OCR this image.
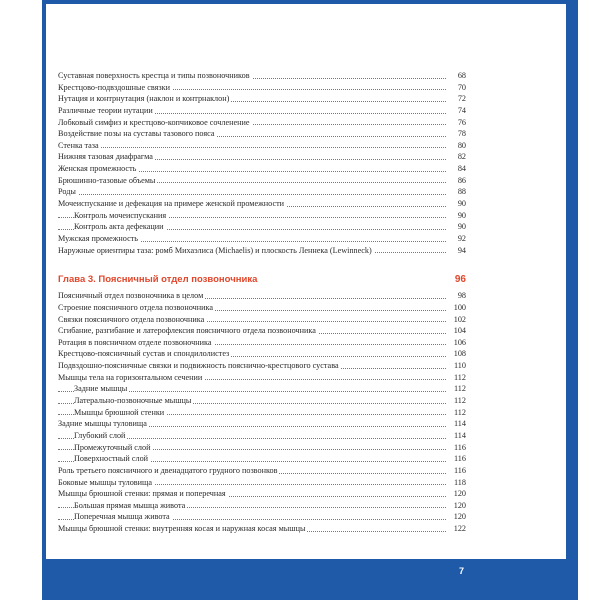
Суставная поверхность крестца и типы позвоночников	68
Крестцово-подвздошные связки	70
Нутация и контрнутация (наклон и контрнаклон)	72
Различные теории нутации	74
Лобковый симфиз и крестцово-копчиковое сочленение	76
Воздействие позы на суставы тазового пояса	78
Стенка таза	80
Нижняя тазовая диафрагма	82
Женская промежность	84
Брюшинно-тазовые объемы	86
Роды	88
Мочеиспускание и дефекация на примере женской промежности	90
Контроль мочеиспускания	90
Контроль акта дефекации	90
Мужская промежность	92
Наружные ориентиры таза: ромб Михаэлиса (Michaelis) и плоскость Леннека (Lewinneck)	94
Глава 3. Поясничный отдел позвоночника	96
Поясничный отдел позвоночника в целом	98
Строение поясничного отдела позвоночника	100
Связки поясничного отдела позвоночника	102
Сгибание, разгибание и латерофлексия поясничного отдела позвоночника	104
Ротация в поясничном отделе позвоночника	106
Крестцово-поясничный сустав и спондилолистез	108
Подвздошно-поясничные связки и подвижность пояснично-крестцового сустава	110
Мышцы тела на горизонтальном сечении	112
Задние мышцы	112
Латерально-позвоночные мышцы	112
Мышцы брюшной стенки	112
Задние мышцы туловища	114
Глубокий слой	114
Промежуточный слой	116
Поверхностный слой	116
Роль третьего поясничного и двенадцатого грудного позвонков	116
Боковые мышцы туловища	118
Мышцы брюшной стенки: прямая и поперечная	120
Большая прямая мышца живота	120
Поперечная мышца живота	120
Мышцы брюшной стенки: внутренняя косая и наружная косая мышцы	122
7
